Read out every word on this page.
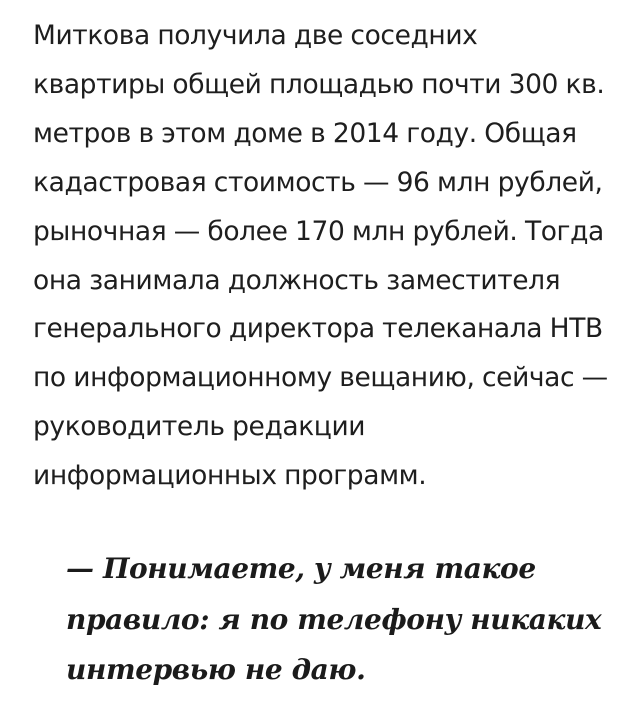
Миткова получила две соседних
квартиры общей площадью почти 300 кв.
метров в этом доме в 2014 году. Общая
кадастровая стоимость — 96 млн рублей,
рыночная — более 170 млн рублей. Тогда
она занимала должность заместителя
генерального директора телеканала НТВ
по информационному вещанию, сейчас —
руководитель редакции
информационных программ.

— Понимаете, у меня такое
правило: я по телефону никаких
интервью не даю.
